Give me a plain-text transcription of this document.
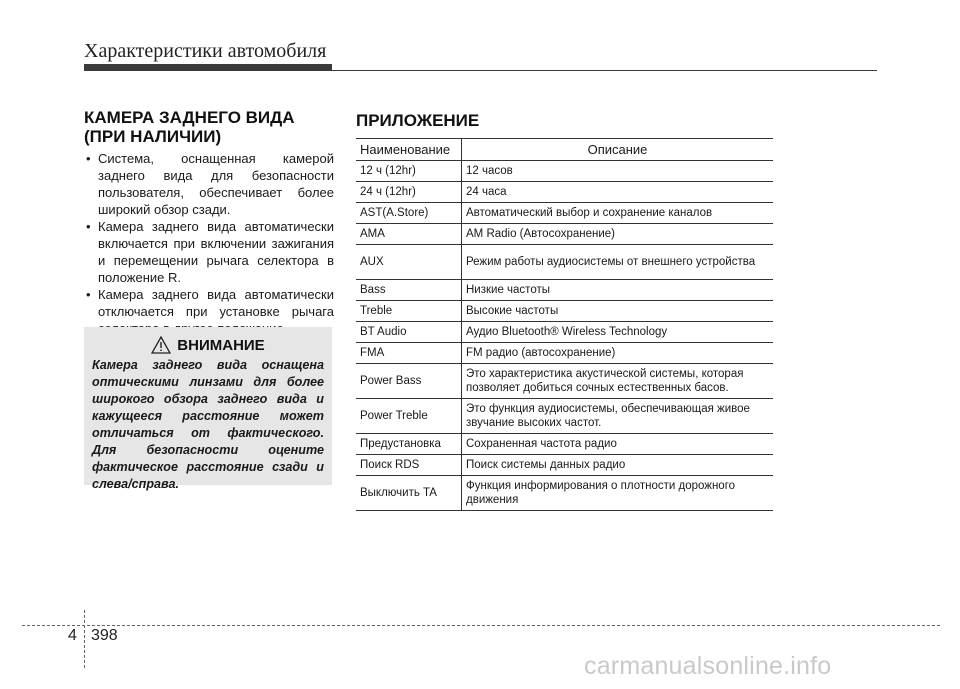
Характеристики автомобиля

КАМЕРА ЗАДНЕГО ВИДА
(ПРИ НАЛИЧИИ)

• Система, оснащенная камерой заднего вида для безопасности пользователя, обеспечивает более широкий обзор сзади.
• Камера заднего вида автоматически включается при включении зажигания и перемещении рычага селектора в положение R.
• Камера заднего вида автоматически отключается при установке рычага
ВНИМАНИЕ

Камера заднего вида оснащена оптическими линзами для более широкого обзора заднего вида и кажущееся расстояние может отличаться от фактического. Для безопасности оцените фактическое расстояние сзади и слева/справа.

ПРИЛОЖЕНИЕ

Наименование	Описание
12 ч (12hr)	12 часов
24 ч (12hr)	24 часа
AST(A.Store)	Автоматический выбор и сохранение каналов
AMA	AM Radio (Автосохранение)
AUX	Режим работы аудиосистемы от внешнего устройства
Bass	Низкие частоты
Treble	Высокие частоты
BT Audio	Аудио Bluetooth® Wireless Technology
FMA	FM радио (автосохранение)
Power Bass	Это характеристика акустической системы, которая позволяет добиться сочных естественных басов.
Power Treble	Это функция аудиосистемы, обеспечивающая живое звучание высоких частот.
Предустановка	Сохраненная частота радио
Поиск RDS	Поиск системы данных радио
Выключить TA	Функция информирования о плотности дорожного движения
4 398
carmanualsonline.info
